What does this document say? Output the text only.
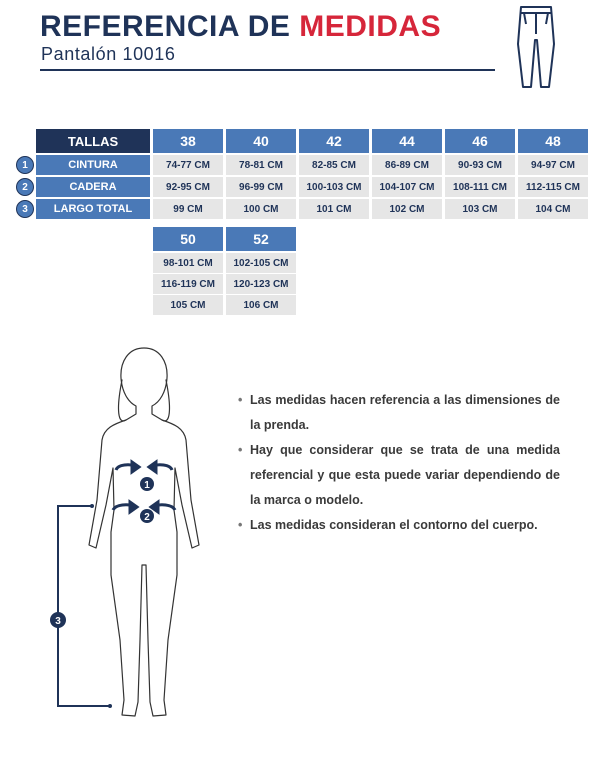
REFERENCIA DE MEDIDAS
Pantalón 10016
TALLAS
1
2
3
CINTURA
CADERA
LARGO TOTAL
38
74-77 CM
92-95 CM
99 CM
40
78-81 CM
96-99 CM
100 CM
42
82-85 CM
100-103 CM
101 CM
44
86-89 CM
104-107 CM
102 CM
46
90-93 CM
108-111 CM
103 CM
48
94-97 CM
112-115 CM
104 CM
50
98-101 CM
116-119 CM
105 CM
52
102-105 CM
120-123 CM
106 CM
1
2
3

• Las medidas hacen referencia a las dimensiones de la prenda.

• Hay que considerar que se trata de una medida referencial y que esta puede variar dependiendo de la marca o modelo.

• Las medidas consideran el contorno del cuerpo.
